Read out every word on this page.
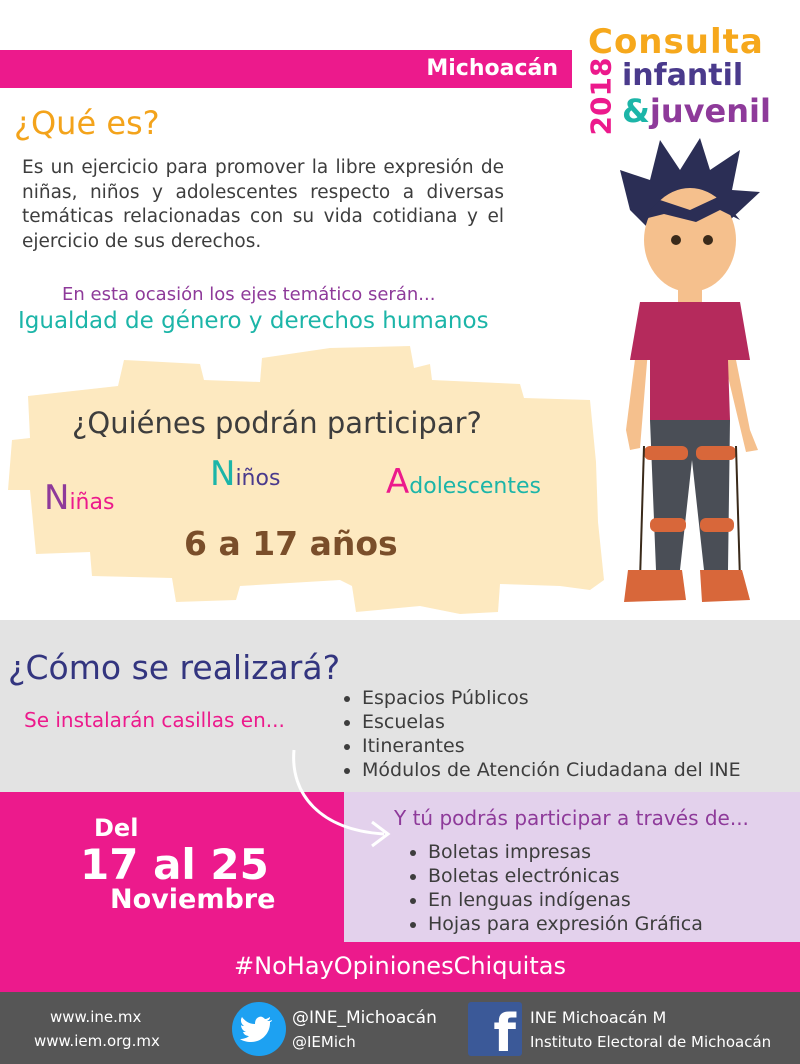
Michoacán
Consulta
infantil
&juvenil
2018
¿Qué es?
Es un ejercicio para promover la libre expresión de niñas, niños y adolescentes respecto a diversas temáticas relacionadas con su vida cotidiana y el ejercicio de sus derechos.
En esta ocasión los ejes temático serán...
Igualdad de género y derechos humanos
¿Quiénes podrán participar?
Niñas
Niños	Adolescentes
6 a 17 años
¿Cómo se realizará?
Se instalarán casillas en...
• Espacios Públicos
• Escuelas
• Itinerantes
• Módulos de Atención Ciudadana del INE
Del
17 al 25
Noviembre
Y tú podrás participar a través de...
• Boletas impresas
• Boletas electrónicas
• En lenguas indígenas
• Hojas para expresión Gráfica
#NoHayOpinionesChiquitas
www.ine.mx
www.iem.org.mx
@INE_Michoacán
@IEMich	f INE Michoacán M
Instituto Electoral de Michoacán
